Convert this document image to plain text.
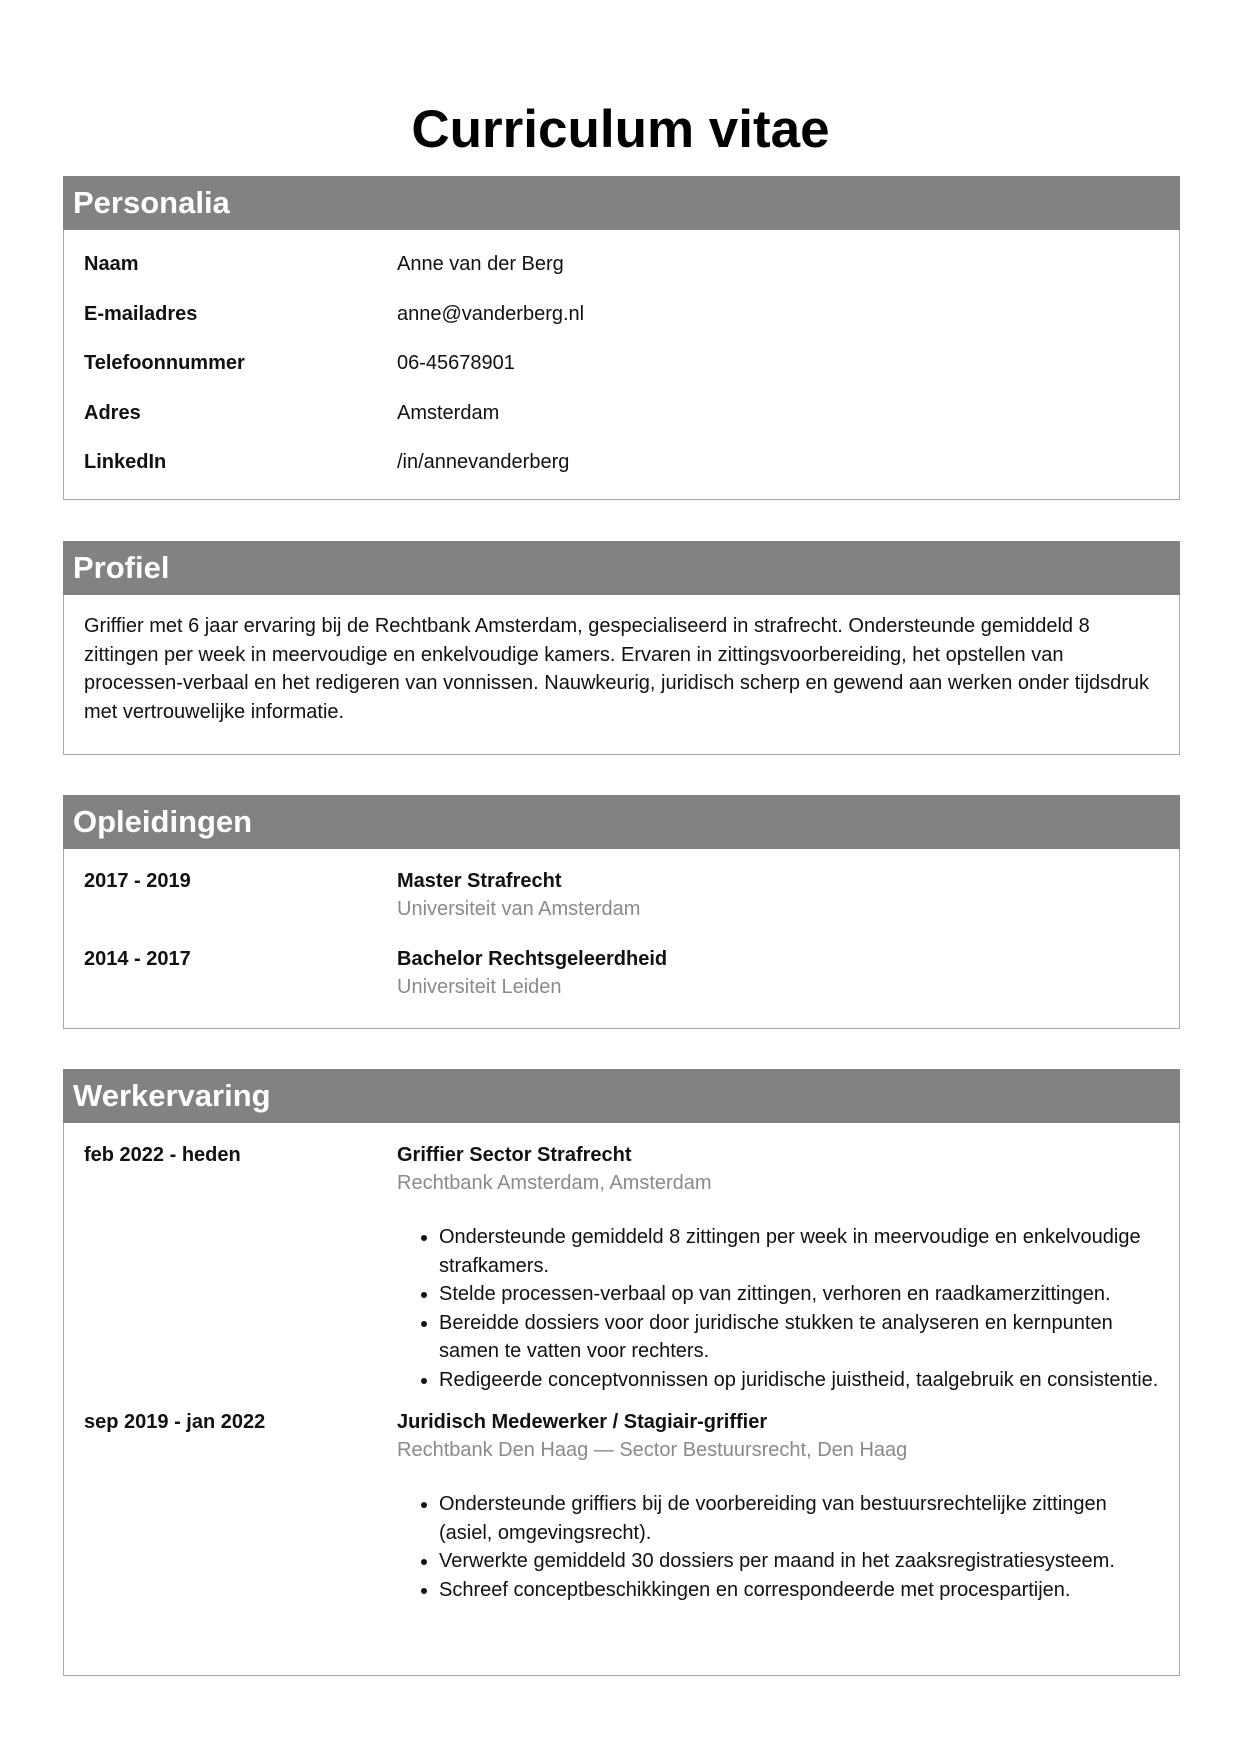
Curriculum vitae
Personalia
Naam	Anne van der Berg
E-mailadres	anne@vanderberg.nl
Telefoonnummer	06-45678901
Adres	Amsterdam
LinkedIn	/in/annevanderberg
Profiel
Griffier met 6 jaar ervaring bij de Rechtbank Amsterdam, gespecialiseerd in strafrecht. Ondersteunde gemiddeld 8 zittingen per week in meervoudige en enkelvoudige kamers. Ervaren in zittingsvoorbereiding, het opstellen van processen-verbaal en het redigeren van vonnissen. Nauwkeurig, juridisch scherp en gewend aan werken onder tijdsdruk met vertrouwelijke informatie.
Opleidingen
2017 - 2019	Master Strafrecht
Universiteit van Amsterdam
2014 - 2017	Bachelor Rechtsgeleerdheid
Universiteit Leiden
Werkervaring
feb 2022 - heden	Griffier Sector Strafrecht
Rechtbank Amsterdam, Amsterdam
• Ondersteunde gemiddeld 8 zittingen per week in meervoudige en enkelvoudige strafkamers.
• Stelde processen-verbaal op van zittingen, verhoren en raadkamerzittingen.
• Bereidde dossiers voor door juridische stukken te analyseren en kernpunten samen te vatten voor rechters.
• Redigeerde conceptvonnissen op juridische juistheid, taalgebruik en consistentie.
sep 2019 - jan 2022	Juridisch Medewerker / Stagiair-griffier
Rechtbank Den Haag — Sector Bestuursrecht, Den Haag
• Ondersteunde griffiers bij de voorbereiding van bestuursrechtelijke zittingen (asiel, omgevingsrecht).
• Verwerkte gemiddeld 30 dossiers per maand in het zaaksregistratiesysteem.
• Schreef conceptbeschikkingen en correspondeerde met procespartijen.
